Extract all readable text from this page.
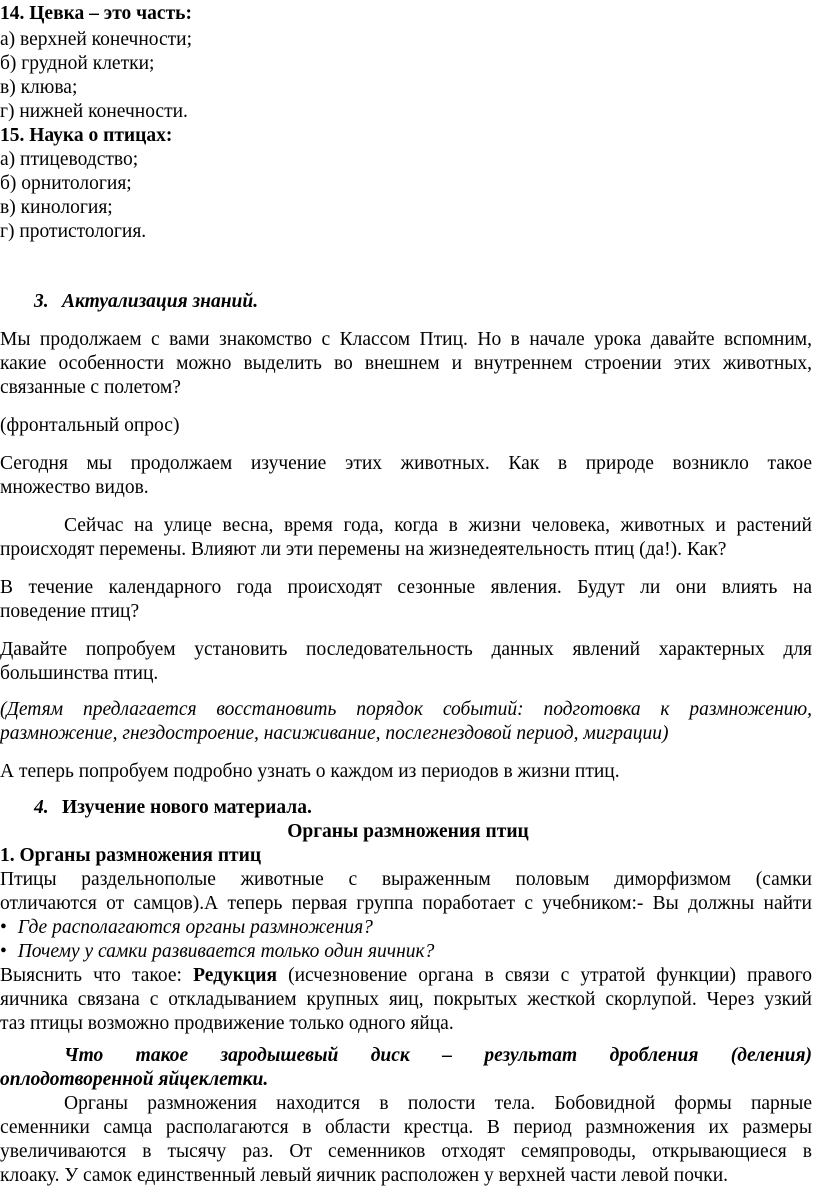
14. Цевка – это часть:
а) верхней конечности;
б) грудной клетки;
в) клюва;
г) нижней конечности.
15. Наука о птицах:
а) птицеводство;
б) орнитология;
в) кинология;
г) протистология.
3. Актуализация знаний.
Мы продолжаем с вами знакомство с Классом Птиц. Но в начале урока давайте вспомним,
какие особенности можно выделить во внешнем и внутреннем строении этих животных,
связанные с полетом?
(фронтальный опрос)
Сегодня мы продолжаем изучение этих животных. Как в природе возникло такое
множество видов.
Сейчас на улице весна, время года, когда в жизни человека, животных и растений
происходят перемены. Влияют ли эти перемены на жизнедеятельность птиц (да!). Как?
В течение календарного года происходят сезонные явления. Будут ли они влиять на
поведение птиц?
Давайте попробуем установить последовательность данных явлений характерных для
большинства птиц.
(Детям предлагается восстановить порядок событий: подготовка к размножению,
размножение, гнездостроение, насиживание, послегнездовой период, миграции)
А теперь попробуем подробно узнать о каждом из периодов в жизни птиц.
4. Изучение нового материала.
Органы размножения птиц
1. Органы размножения птиц
Птицы раздельнополые животные с выраженным половым диморфизмом (самки
отличаются от самцов).А теперь первая группа поработает с учебником:- Вы должны найти
• Где располагаются органы размножения?
• Почему у самки развивается только один яичник?
Выяснить что такое: Редукция (исчезновение органа в связи с утратой функции) правого
яичника связана с откладыванием крупных яиц, покрытых жесткой скорлупой. Через узкий
таз птицы возможно продвижение только одного яйца.
Что такое зародышевый диск – результат дробления (деления)
оплодотворенной яйцеклетки.
Органы размножения находится в полости тела. Бобовидной формы парные
семенники самца располагаются в области крестца. В период размножения их размеры
увеличиваются в тысячу раз. От семенников отходят семяпроводы, открывающиеся в
клоаку. У самок единственный левый яичник расположен у верхней части левой почки.
